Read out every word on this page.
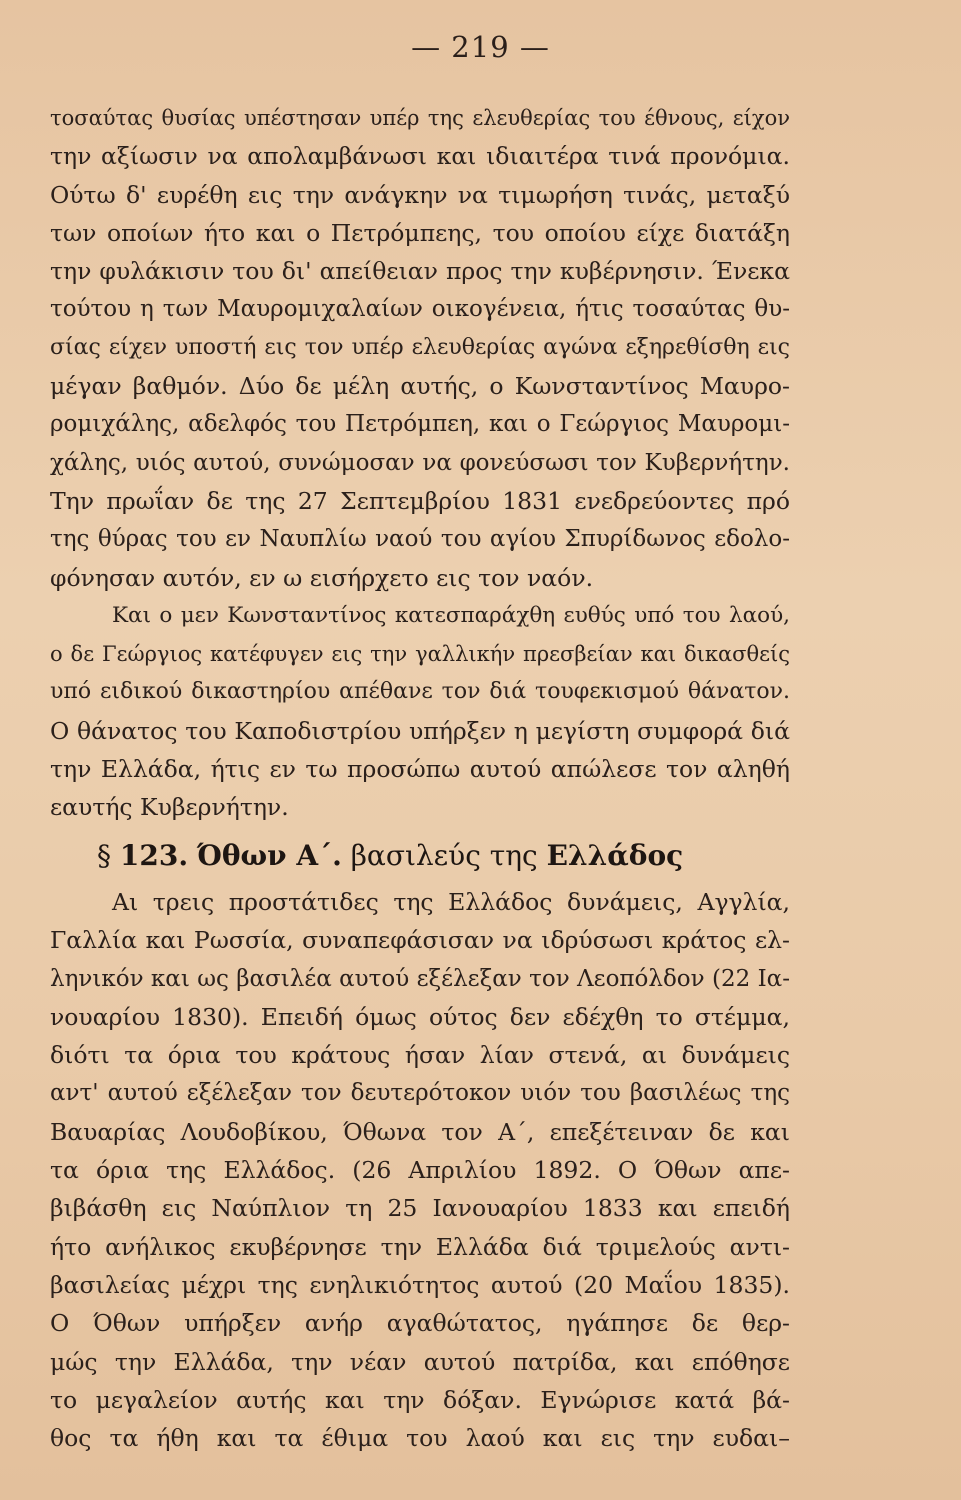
— 219 —
τοσαύτας θυσίας υπέστησαν υπέρ της ελευθερίας του έθνους, είχον
την αξίωσιν να απολαμβάνωσι και ιδιαιτέρα τινά προνόμια.
Ούτω δ' ευρέθη εις την ανάγκην να τιμωρήση τινάς, μεταξύ
των οποίων ήτο και ο Πετρόμπεης, του οποίου είχε διατάξη
την φυλάκισιν του δι' απείθειαν προς την κυβέρνησιν. Ένεκα
τούτου η των Μαυρομιχαλαίων οικογένεια, ήτις τοσαύτας θυ-
σίας είχεν υποστή εις τον υπέρ ελευθερίας αγώνα εξηρεθίσθη εις
μέγαν βαθμόν. Δύο δε μέλη αυτής, ο Κωνσταντίνος Μαυρο-
ρομιχάλης, αδελφός του Πετρόμπεη, και ο Γεώργιος Μαυρομι-
χάλης, υιός αυτού, συνώμοσαν να φονεύσωσι τον Κυβερνήτην.
Την πρωΐαν δε της 27 Σεπτεμβρίου 1831 ενεδρεύοντες πρό
της θύρας του εν Ναυπλίω ναού του αγίου Σπυρίδωνος εδολο-
φόνησαν αυτόν, εν ω εισήρχετο εις τον ναόν.
Και ο μεν Κωνσταντίνος κατεσπαράχθη ευθύς υπό του λαού,
ο δε Γεώργιος κατέφυγεν εις την γαλλικήν πρεσβείαν και δικασθείς
υπό ειδικού δικαστηρίου απέθανε τον διά τουφεκισμού θάνατον.
Ο θάνατος του Καποδιστρίου υπήρξεν η μεγίστη συμφορά διά
την Ελλάδα, ήτις εν τω προσώπω αυτού απώλεσε τον αληθή
εαυτής Κυβερνήτην.
§ 123. Όθων Α΄. βασιλεύς της Ελλάδος
Αι τρεις προστάτιδες της Ελλάδος δυνάμεις, Αγγλία,
Γαλλία και Ρωσσία, συναπεφάσισαν να ιδρύσωσι κράτος ελ-
ληνικόν και ως βασιλέα αυτού εξέλεξαν τον Λεοπόλδον (22 Ια-
νουαρίου 1830). Επειδή όμως ούτος δεν εδέχθη το στέμμα,
διότι τα όρια του κράτους ήσαν λίαν στενά, αι δυνάμεις
αντ' αυτού εξέλεξαν τον δευτερότοκον υιόν του βασιλέως της
Βαυαρίας Λουδοβίκου, Όθωνα τον Α΄, επεξέτειναν δε και
τα όρια της Ελλάδος. (26 Απριλίου 1892. Ο Όθων απε-
βιβάσθη εις Ναύπλιον τη 25 Ιανουαρίου 1833 και επειδή
ήτο ανήλικος εκυβέρνησε την Ελλάδα διά τριμελούς αντι-
βασιλείας μέχρι της ενηλικιότητος αυτού (20 Μαΐου 1835).
Ο Όθων υπήρξεν ανήρ αγαθώτατος, ηγάπησε δε θερ-
μώς την Ελλάδα, την νέαν αυτού πατρίδα, και επόθησε
το μεγαλείον αυτής και την δόξαν. Εγνώρισε κατά βά-
θος τα ήθη και τα έθιμα του λαού και εις την ευδαι–
